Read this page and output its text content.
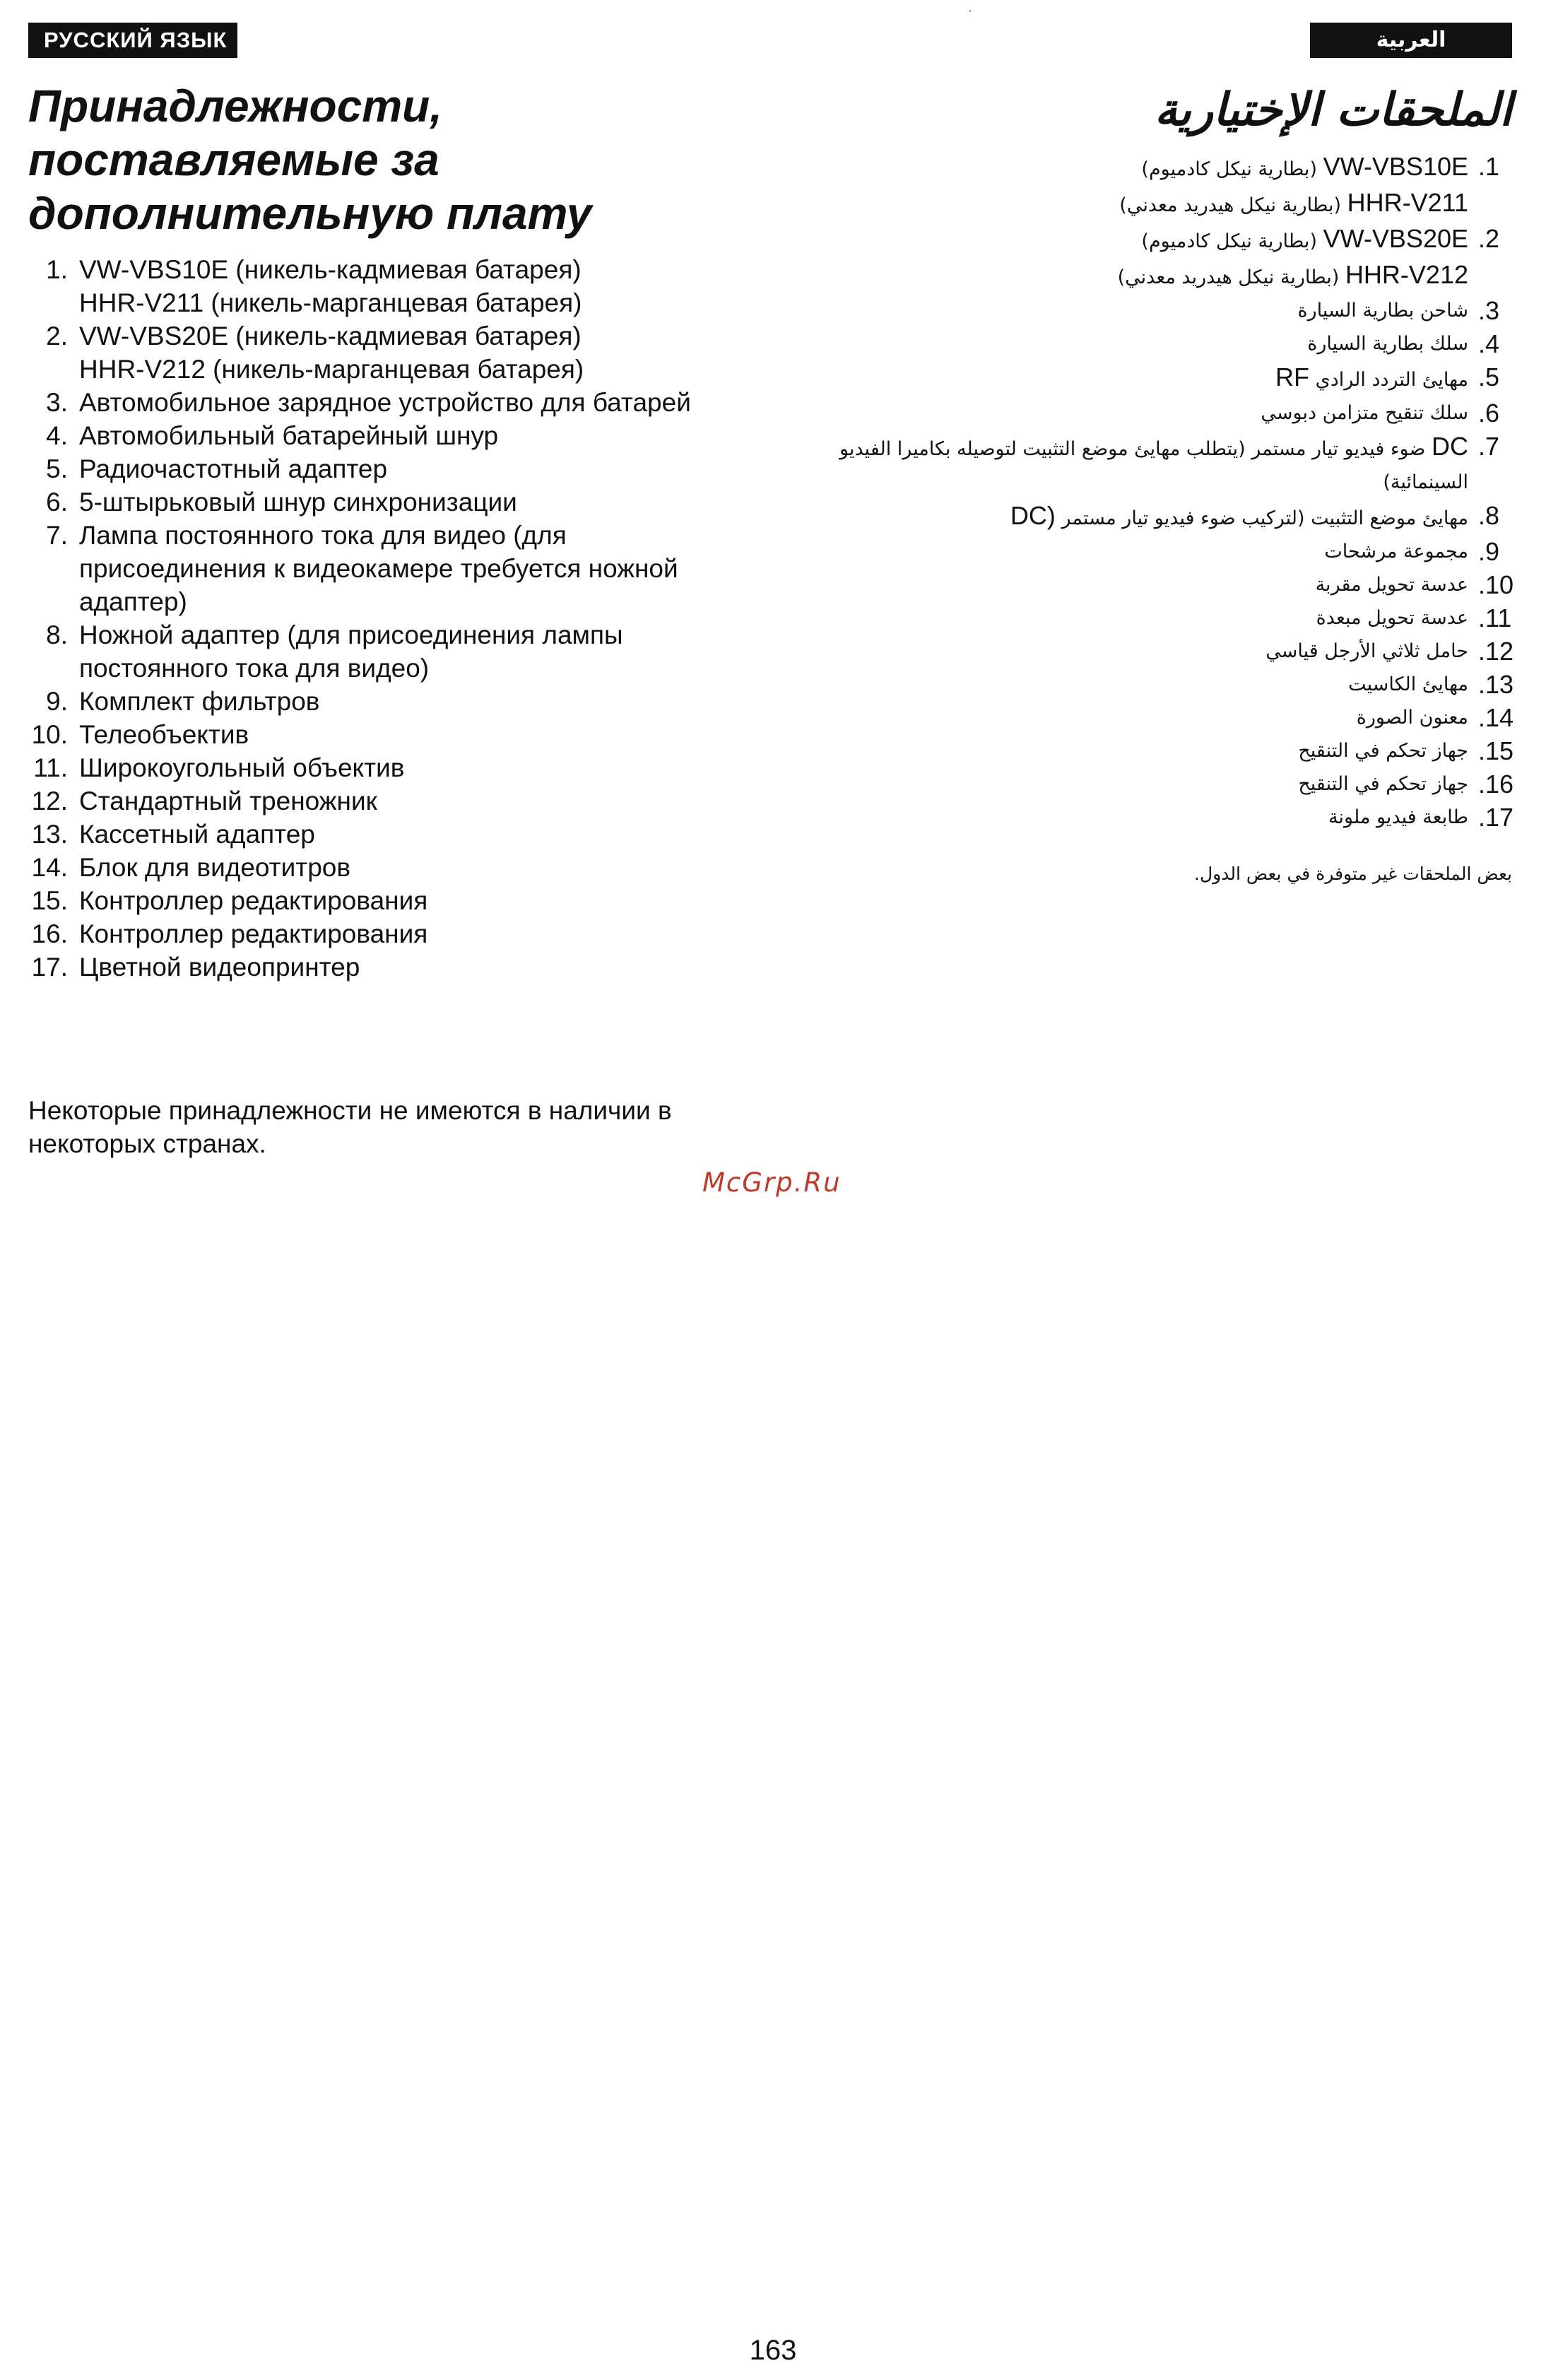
РУССКИЙ ЯЗЫК	العربية
Принадлежности, поставляемые за дополнительную плату
1. VW-VBS10E (никель-кадмиевая батарея)
HHR-V211 (никель-марганцевая батарея)
2. VW-VBS20E (никель-кадмиевая батарея)
HHR-V212 (никель-марганцевая батарея)
3. Автомобильное зарядное устройство для батарей
4. Автомобильный батарейный шнур
5. Радиочастотный адаптер
6. 5-штырьковый шнур синхронизации
7. Лампа постоянного тока для видео (для присоединения к видеокамере требуется ножной адаптер)
8. Ножной адаптер (для присоединения лампы постоянного тока для видео)
9. Комплект фильтров
10. Телеобъектив
11. Широкоугольный объектив
12. Стандартный треножник
13. Кассетный адаптер
14. Блок для видеотитров
15. Контроллер редактирования
16. Контроллер редактирования
17. Цветной видеопринтер

Некоторые принадлежности не имеются в наличии в некоторых странах.

الملحقات الإختيارية
.1
VW-VBS10E (بطارية نيكل كادميوم)
HHR-V211 (بطارية نيكل هيدريد معدني)
.2
VW-VBS20E (بطارية نيكل كادميوم)
HHR-V212 (بطارية نيكل هيدريد معدني)
.3
شاحن بطارية السيارة
.4
سلك بطارية السيارة
.5
مهايئ التردد الرادي RF
.6
سلك تنقيح متزامن دبوسي
.7
DC ضوء فيديو تيار مستمر (يتطلب مهايئ موضع التثبيت لتوصيله بكاميرا الفيديو السينمائية)
.8
مهايئ موضع التثبيت (لتركيب ضوء فيديو تيار مستمر (DC
.9
مجموعة مرشحات
.10
عدسة تحويل مقربة
.11
عدسة تحويل مبعدة
.12
حامل ثلاثي الأرجل قياسي
.13
مهايئ الكاسيت
.14
معنون الصورة
.15
جهاز تحكم في التنقيح
.16
جهاز تحكم في التنقيح
.17
طابعة فيديو ملونة

بعض الملحقات غير متوفرة في بعض الدول.

McGrp.Ru
163
